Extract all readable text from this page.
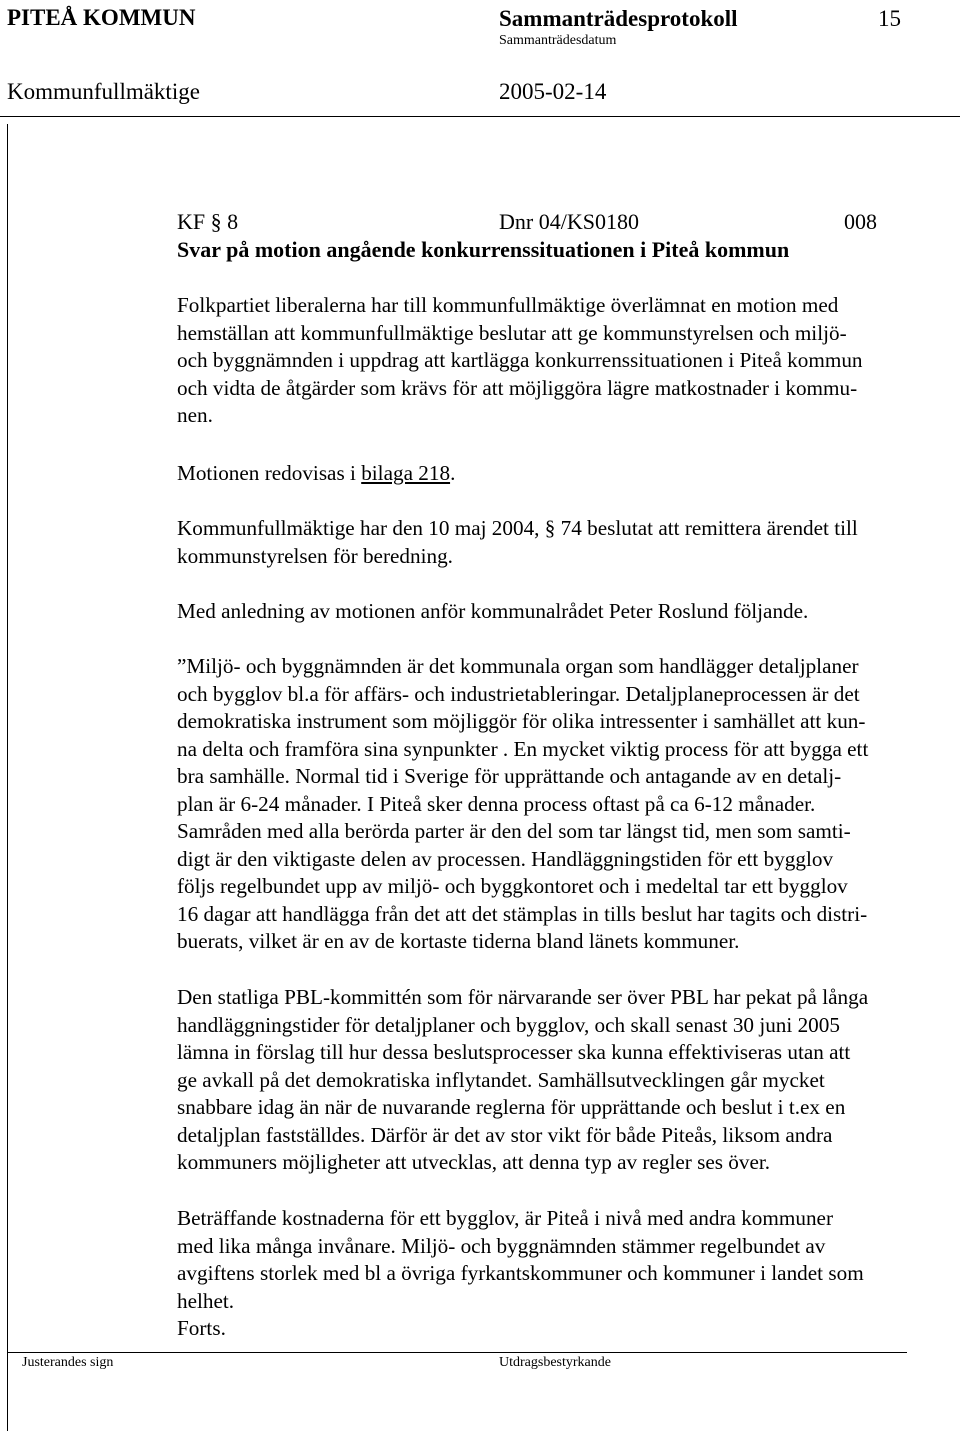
PITEÅ KOMMUN	Sammanträdesprotokoll	15
Sammanträdesdatum
Kommunfullmäktige	2005-02-14
KF § 8	Dnr 04/KS0180	008
Svar på motion angående konkurrenssituationen i Piteå kommun
Folkpartiet liberalerna har till kommunfullmäktige överlämnat en motion med
hemställan att kommunfullmäktige beslutar att ge kommunstyrelsen och miljö-
och byggnämnden i uppdrag att kartlägga konkurrenssituationen i Piteå kommun
och vidta de åtgärder som krävs för att möjliggöra lägre matkostnader i kommu-
nen.
Motionen redovisas i bilaga 218.
Kommunfullmäktige har den 10 maj 2004, § 74 beslutat att remittera ärendet till
kommunstyrelsen för beredning.
Med anledning av motionen anför kommunalrådet Peter Roslund följande.
”Miljö- och byggnämnden är det kommunala organ som handlägger detaljplaner
och bygglov bl.a för affärs- och industrietableringar. Detaljplaneprocessen är det
demokratiska instrument som möjliggör för olika intressenter i samhället att kun-
na delta och framföra sina synpunkter . En mycket viktig process för att bygga ett
bra samhälle. Normal tid i Sverige för upprättande och antagande av en detalj-
plan är 6-24 månader. I Piteå sker denna process oftast på ca 6-12 månader.
Samråden med alla berörda parter är den del som tar längst tid, men som samti-
digt är den viktigaste delen av processen. Handläggningstiden för ett bygglov
följs regelbundet upp av miljö- och byggkontoret och i medeltal tar ett bygglov
16 dagar att handlägga från det att det stämplas in tills beslut har tagits och distri-
buerats, vilket är en av de kortaste tiderna bland länets kommuner.
Den statliga PBL-kommittén som för närvarande ser över PBL har pekat på långa
handläggningstider för detaljplaner och bygglov, och skall senast 30 juni 2005
lämna in förslag till hur dessa beslutsprocesser ska kunna effektiviseras utan att
ge avkall på det demokratiska inflytandet. Samhällsutvecklingen går mycket
snabbare idag än när de nuvarande reglerna för upprättande och beslut i t.ex en
detaljplan fastställdes. Därför är det av stor vikt för både Piteås, liksom andra
kommuners möjligheter att utvecklas, att denna typ av regler ses över.
Beträffande kostnaderna för ett bygglov, är Piteå i nivå med andra kommuner
med lika många invånare. Miljö- och byggnämnden stämmer regelbundet av
avgiftens storlek med bl a övriga fyrkantskommuner och kommuner i landet som
helhet.
Forts.
Justerandes sign	Utdragsbestyrkande
